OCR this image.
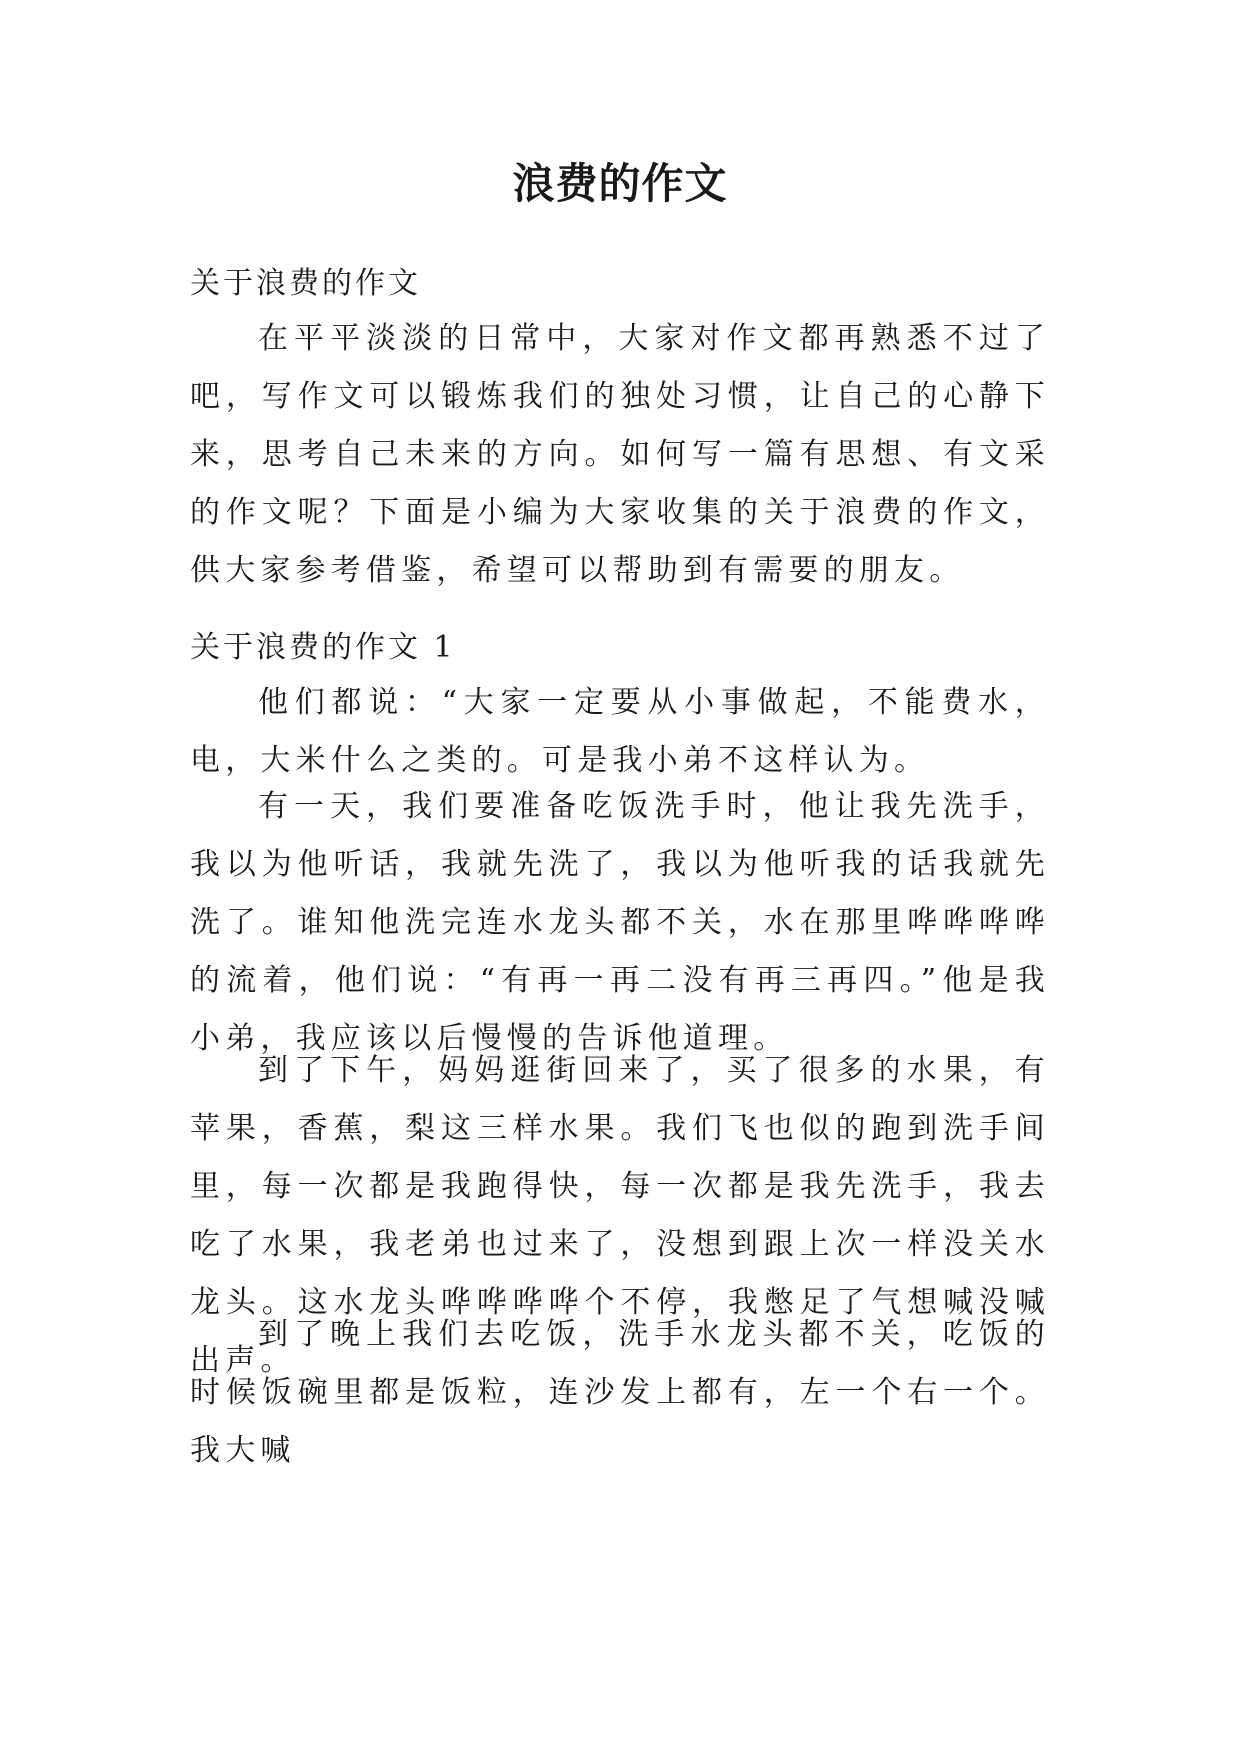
浪费的作文
关于浪费的作文

在平平淡淡的日常中，大家对作文都再熟悉不过了吧，写作文可以锻炼我们的独处习惯，让自己的心静下来，思考自己未来的方向。如何写一篇有思想、有文采的作文呢？下面是小编为大家收集的关于浪费的作文，供大家参考借鉴，希望可以帮助到有需要的朋友。

关于浪费的作文 1

他们都说：“大家一定要从小事做起，不能费水，电，大米什么之类的。可是我小弟不这样认为。

有一天，我们要准备吃饭洗手时，他让我先洗手，我以为他听话，我就先洗了，我以为他听我的话我就先洗了。谁知他洗完连水龙头都不关，水在那里哗哗哗哗的流着，他们说：“有再一再二没有再三再四。”他是我小弟，我应该以后慢慢的告诉他道理。

到了下午，妈妈逛街回来了，买了很多的水果，有苹果，香蕉，梨这三样水果。我们飞也似的跑到洗手间里，每一次都是我跑得快，每一次都是我先洗手，我去吃了水果，我老弟也过来了，没想到跟上次一样没关水龙头。这水龙头哗哗哗哗个不停，我憋足了气想喊没喊出声。

到了晚上我们去吃饭，洗手水龙头都不关，吃饭的时候饭碗里都是饭粒，连沙发上都有，左一个右一个。我大喊
